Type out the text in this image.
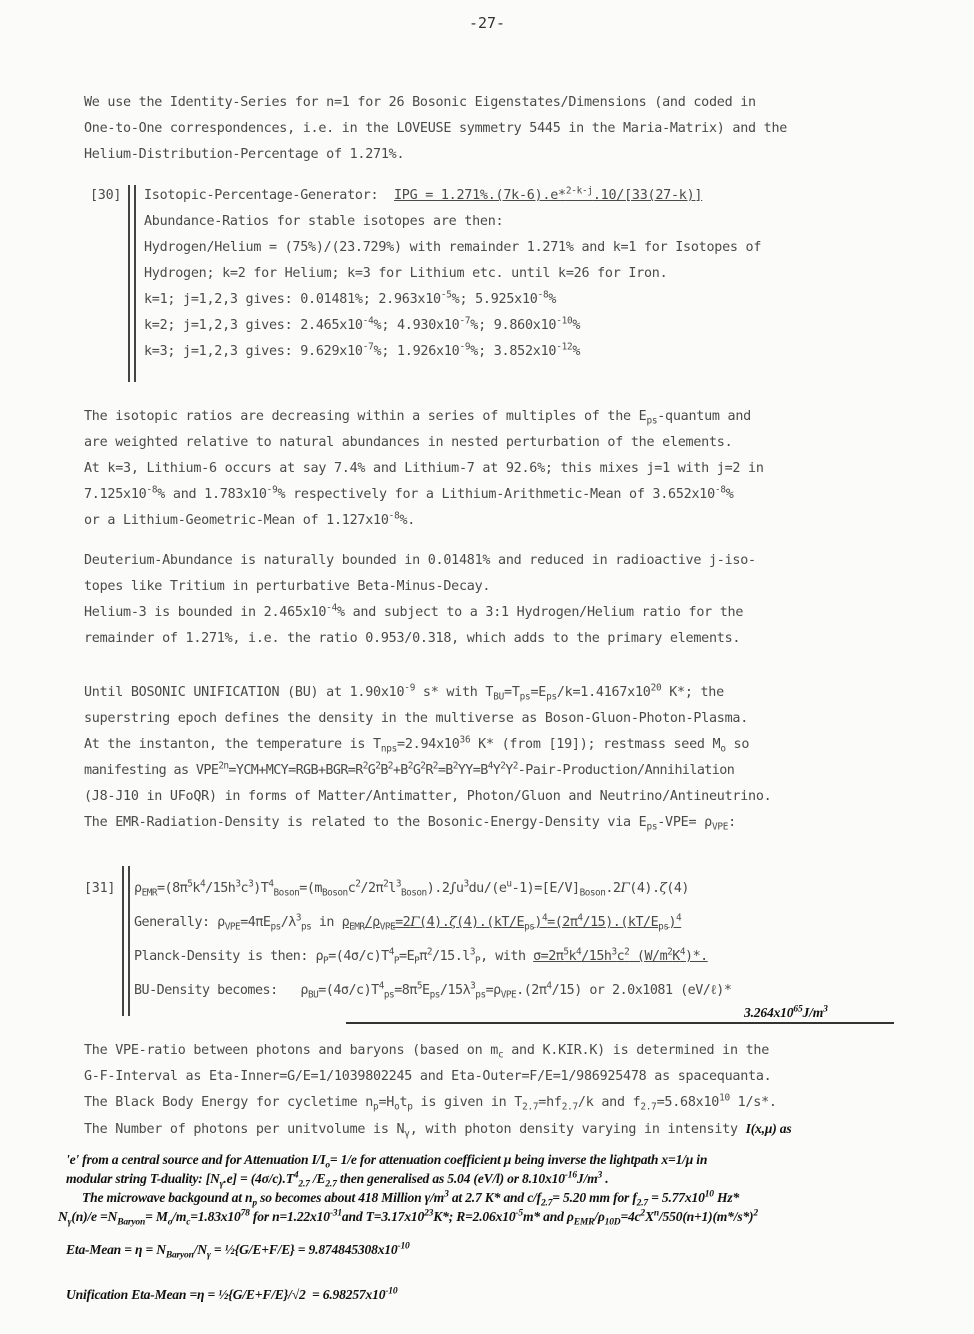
-27-

We use the Identity-Series for n=1 for 26 Bosonic Eigenstates/Dimensions (and coded in

One-to-One correspondences, i.e. in the LOVEUSE symmetry 5445 in the Maria-Matrix) and the

Helium-Distribution-Percentage of 1.271%.

[30] Isotopic-Percentage-Generator: IPG = 1.271%.(7k-6).e*$^{2-k-j}$.10/[33(27-k)]

Abundance-Ratios for stable isotopes are then:

Hydrogen/Helium = (75%)/(23.729%) with remainder 1.271% and k=1 for Isotopes of

Hydrogen; k=2 for Helium; k=3 for Lithium etc. until k=26 for Iron.

k=1; j=1,2,3 gives: 0.01481%; $2.963x10^{-5}\%$; $5.925x10^{-8}\%$

k=2; j=1,2,3 gives: $2.465x10^{-4}\%$; $4.930x10^{-7}\%$; $9.860x10^{-10}\%$

k=3; j=1,2,3 gives: $9.629x10^{-7}\%$; $1.926x10^{-9}\%$; $3.852x10^{-12}\%$

The isotopic ratios are decreasing within a series of multiples of the $E_{ps}$-quantum and

are weighted relative to natural abundances in nested perturbation of the elements.

At k=3, Lithium-6 occurs at say 7.4% and Lithium-7 at 92.6%; this mixes j=1 with j=2 in

$7.125x10^{-8}\%$ and $1.783x10^{-9}\%$ respectively for a Lithium-Arithmetic-Mean of $3.652x10^{-8}\%$

or a Lithium-Geometric-Mean of $1.127x10^{-8}\%$.

Deuterium-Abundance is naturally bounded in 0.01481% and reduced in radioactive j-iso-

topes like Tritium in perturbative Beta-Minus-Decay.

Helium-3 is bounded in $2.465x10^{-4}\%$ and subject to a 3:1 Hydrogen/Helium ratio for the

remainder of 1.271%, i.e. the ratio 0.953/0.318, which adds to the primary elements.

Until BOSONIC UNIFICATION (BU) at $1.90x10^{-9}$ s* with $T_{BU}=T_{ps}=E_{ps}/k=1.4167x10^{20}$ K*; the

superstring epoch defines the density in the multiverse as Boson-Gluon-Photon-Plasma.

At the instanton, the temperature is $T_{nps}=2.94x10^{36}$ K* (from [19]); restmass seed $M_o$ so

manifesting as $VPE^{2n}=YCM+MCY=RGB+BGR=R^2G^2B^2+B^2G^2R^2=B^2YY=B^4Y^2Y^2-Pair-Production$/Annihilation

(J8-J10 in UFoQR) in forms of Matter/Antimatter, Photon/Gluon and Neutrino/Antineutrino.

The EMR-Radiation-Density is related to the Bosonic-Energy-Density via $E_{ps}-VPE= \rho_{VPE}$:

[31] $\rho_{EMR}=(8\pi^5k^4/15h^3c^3)T^4_{Boson}=(m_{Boson}c^2/2\pi^2l^3_{Boson}).2\int u^3du/(e^u-1)=[E/V]_{Boson}.2\Gamma(4).\zeta(4)$

Generally: $\rho_{VPE}=4\pi E_{ps}/\lambda^3_{ps}$ in $\rho_{EMR}/\rho_{VPE}=2\Gamma(4).\zeta(4).(kT/E_{ps})^4=(2\pi^4/15).(kT/E_{ps})^4$

Planck-Density is then: $\rho_P=(4\sigma/c)T^4_P=E_P\pi^2/15.l^3_P$, with $\sigma=2\pi^5k^4/15h^3c^2$ $(W/m^2K^4)*$.

BU-Density becomes:   $\rho_{BU}=(4\sigma/c)T^4_{ps}=8\pi^5E_{ps}/15\lambda^3_{ps}=\rho_{VPE}.(2\pi^4/15)$ or 2.0x1081 (eV/ℓ)*

$3.264x10^{65}J/m^3$

The VPE-ratio between photons and baryons (based on $m_c$ and K.KIR.K) is determined in the

G-F-Interval as Eta-Inner=G/E=1/1039802245 and Eta-Outer=F/E=1/986925478 as spacequanta.

The Black Body Energy for cycletime $n_p=H_ot_p$ is given in $T_{2.7}=hf_{2.7}/k$ and $f_{2.7}=5.68x10^{10}$ 1/s*.

The Number of photons per unitvolume is $N_\gamma$, with photon density varying in intensity I(x,μ) as

'e' from a central source and for Attenuation $I/I_o= 1/e$ for attenuation coefficient μ being inverse the lightpath x=1/μ in

modular string T-duality: $[N_\gamma.e] = (4\sigma/c).T^4_{2.7}$ $/E_{2.7}$ then generalised as 5.04 (eV/l) or $8.10x10^{-16}J/m^3$ .

The microwave backgound at $n_p$ so becomes about 418 Million $\gamma/m^3$ at 2.7 K* and $c/f_{2.7}= 5.20$ mm for $f_{2.7} = 5.77x10^{10}$ Hz*

$N_\gamma(n)/e =N_{Baryon}= M_o/m_c=1.83x10^{78}$ for $n=1.22x10^{-31}and$ $T=3.17x10^{23}K*$; $R=2.06x10^{-5}m*$ and $\rho_{EMR}/\rho_{10D}=4c^2X^n/550(n+1)(m*/s*)^2$

Eta-Mean = $\eta = N_{Baryon}/N_\gamma$ = ½{G/E+F/E} = $9.874845308x10^{-10}$
Unification Eta-Mean =η = ½{G/E+F/E}/√2  = $6.98257x10^{-10}$
